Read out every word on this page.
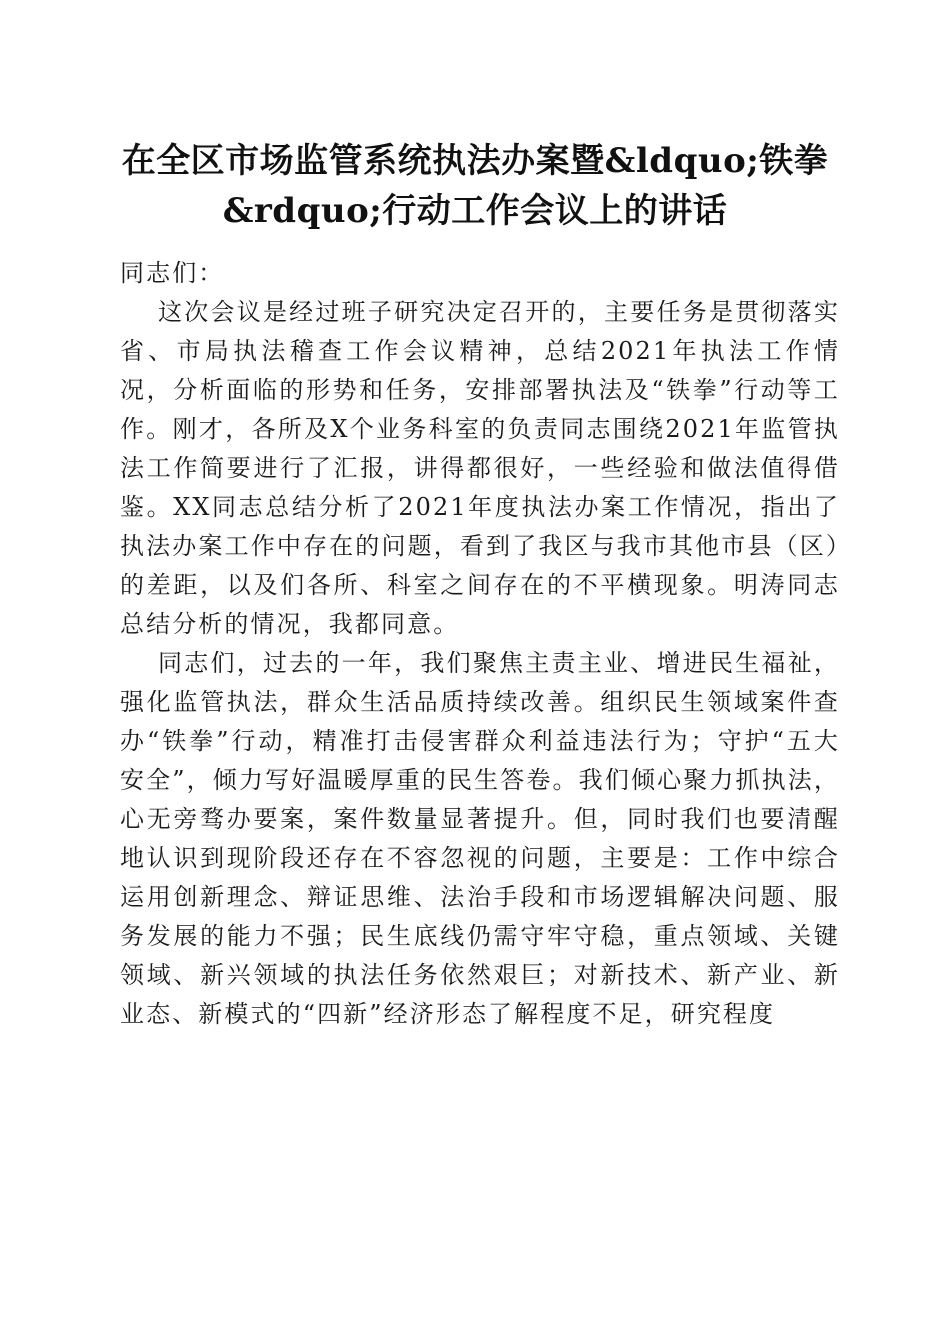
在全区市场监管系统执法办案暨&ldquo;铁拳&rdquo;行动工作会议上的讲话

同志们：

这次会议是经过班子研究决定召开的，主要任务是贯彻落实省、市局执法稽查工作会议精神，总结2021年执法工作情况，分析面临的形势和任务，安排部署执法及“铁拳”行动等工作。刚才，各所及X个业务科室的负责同志围绕2021年监管执法工作简要进行了汇报，讲得都很好，一些经验和做法值得借鉴。XX同志总结分析了2021年度执法办案工作情况，指出了执法办案工作中存在的问题，看到了我区与我市其他市县（区）的差距，以及们各所、科室之间存在的不平横现象。明涛同志总结分析的情况，我都同意。

同志们，过去的一年，我们聚焦主责主业、增进民生福祉，强化监管执法，群众生活品质持续改善。组织民生领域案件查办“铁拳”行动，精准打击侵害群众利益违法行为；守护“五大安全”，倾力写好温暖厚重的民生答卷。我们倾心聚力抓执法，心无旁骛办要案，案件数量显著提升。但，同时我们也要清醒地认识到现阶段还存在不容忽视的问题，主要是：工作中综合运用创新理念、辩证思维、法治手段和市场逻辑解决问题、服务发展的能力不强；民生底线仍需守牢守稳，重点领域、关键领域、新兴领域的执法任务依然艰巨；对新技术、新产业、新业态、新模式的“四新”经济形态了解程度不足，研究程度
